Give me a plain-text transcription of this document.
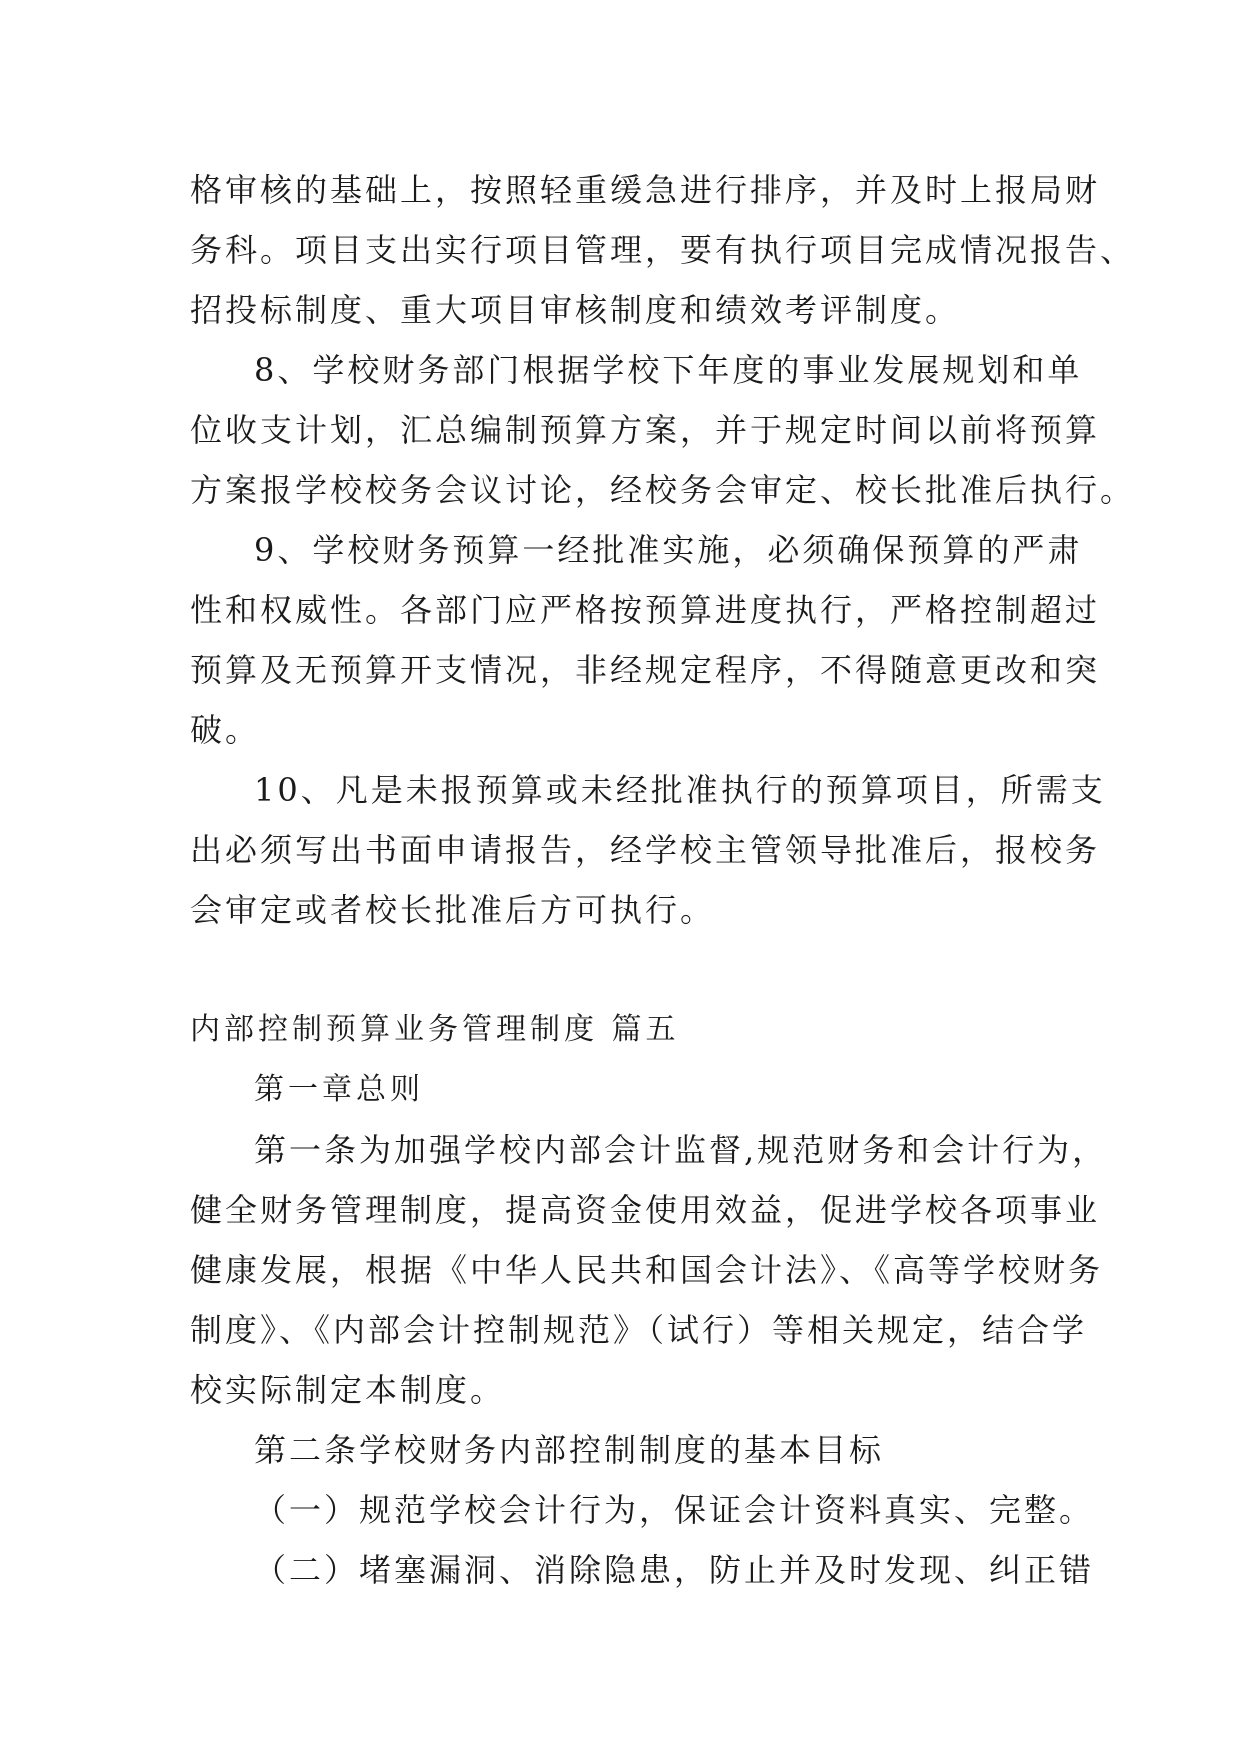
格审核的基础上，按照轻重缓急进行排序，并及时上报局财
务科。项目支出实行项目管理，要有执行项目完成情况报告、
招投标制度、重大项目审核制度和绩效考评制度。
8、学校财务部门根据学校下年度的事业发展规划和单
位收支计划，汇总编制预算方案，并于规定时间以前将预算
方案报学校校务会议讨论，经校务会审定、校长批准后执行。
9、学校财务预算一经批准实施，必须确保预算的严肃
性和权威性。各部门应严格按预算进度执行，严格控制超过
预算及无预算开支情况，非经规定程序，不得随意更改和突
破。
10、凡是未报预算或未经批准执行的预算项目，所需支
出必须写出书面申请报告，经学校主管领导批准后，报校务
会审定或者校长批准后方可执行。
内部控制预算业务管理制度 篇五
第一章总则
第一条为加强学校内部会计监督,规范财务和会计行为，
健全财务管理制度，提高资金使用效益，促进学校各项事业
健康发展，根据《中华人民共和国会计法》、《高等学校财务
制度》、《内部会计控制规范》（试行）等相关规定，结合学
校实际制定本制度。
第二条学校财务内部控制制度的基本目标
（一）规范学校会计行为，保证会计资料真实、完整。
（二）堵塞漏洞、消除隐患，防止并及时发现、纠正错
